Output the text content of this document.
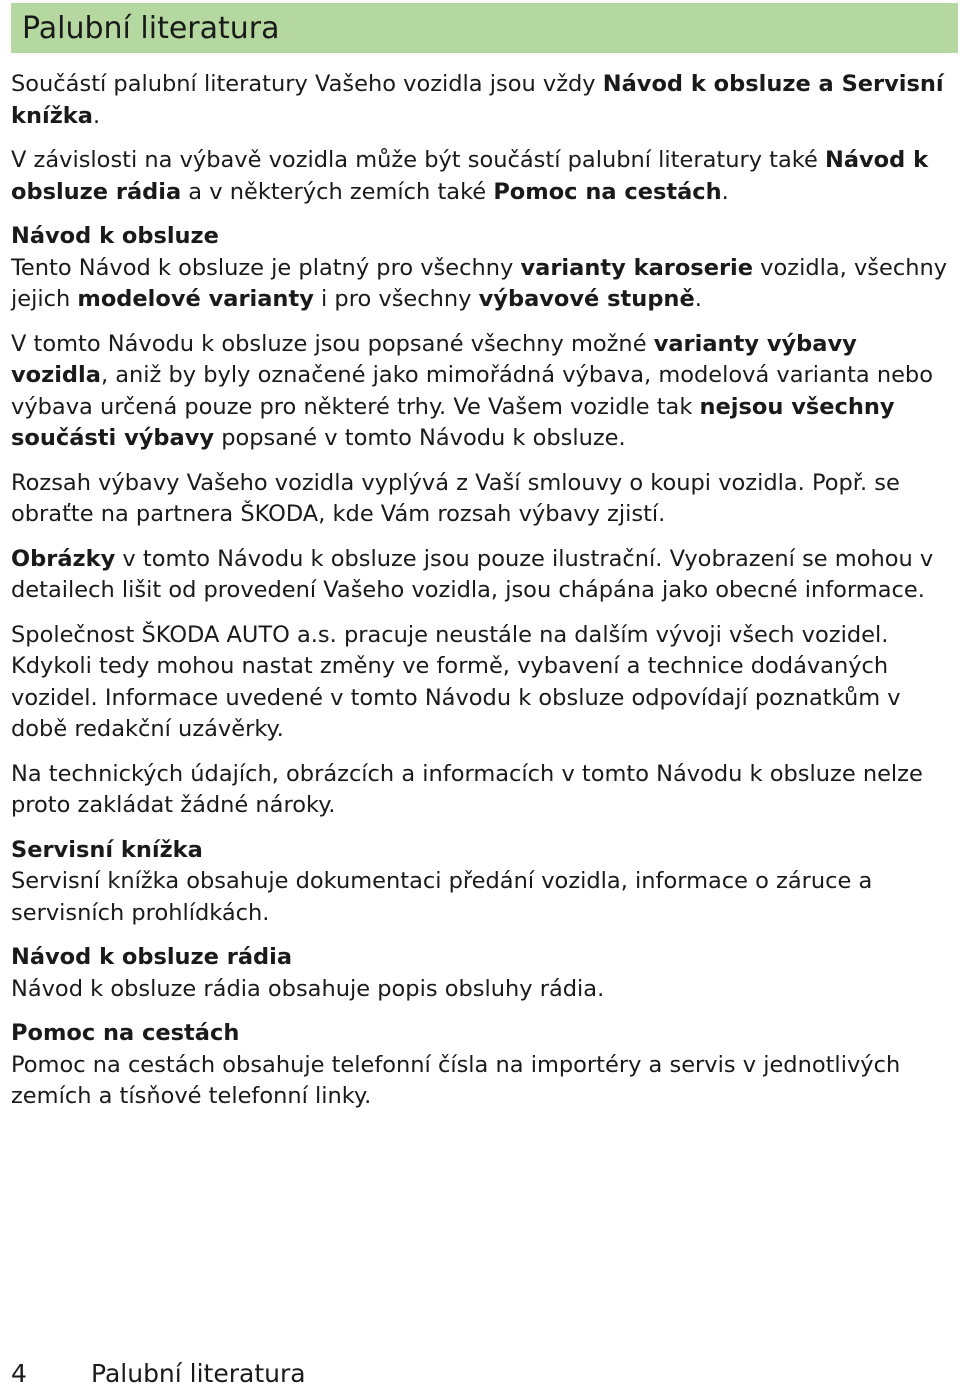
Palubní literatura

Součástí palubní literatury Vašeho vozidla jsou vždy Návod k obsluze a Servisní knížka.

V závislosti na výbavě vozidla může být součástí palubní literatury také Návod k obsluze rádia a v některých zemích také Pomoc na cestách.

Návod k obsluze

Tento Návod k obsluze je platný pro všechny varianty karoserie vozidla, všechny jejich modelové varianty i pro všechny výbavové stupně.

V tomto Návodu k obsluze jsou popsané všechny možné varianty výbavy vozidla, aniž by byly označené jako mimořádná výbava, modelová varianta nebo výbava určená pouze pro některé trhy. Ve Vašem vozidle tak nejsou všechny součásti výbavy popsané v tomto Návodu k obsluze.

Rozsah výbavy Vašeho vozidla vyplývá z Vaší smlouvy o koupi vozidla. Popř. se obraťte na partnera ŠKODA, kde Vám rozsah výbavy zjistí.

Obrázky v tomto Návodu k obsluze jsou pouze ilustrační. Vyobrazení se mohou v detailech lišit od provedení Vašeho vozidla, jsou chápána jako obecné informace.

Společnost ŠKODA AUTO a.s. pracuje neustále na dalším vývoji všech vozidel. Kdykoli tedy mohou nastat změny ve formě, vybavení a technice dodávaných vozidel. Informace uvedené v tomto Návodu k obsluze odpovídají poznatkům v době redakční uzávěrky.

Na technických údajích, obrázcích a informacích v tomto Návodu k obsluze nelze proto zakládat žádné nároky.

Servisní knížka

Servisní knížka obsahuje dokumentaci předání vozidla, informace o záruce a servisních prohlídkách.

Návod k obsluze rádia

Návod k obsluze rádia obsahuje popis obsluhy rádia.

Pomoc na cestách

Pomoc na cestách obsahuje telefonní čísla na importéry a servis v jednotlivých zemích a tísňové telefonní linky.

4	Palubní literatura
